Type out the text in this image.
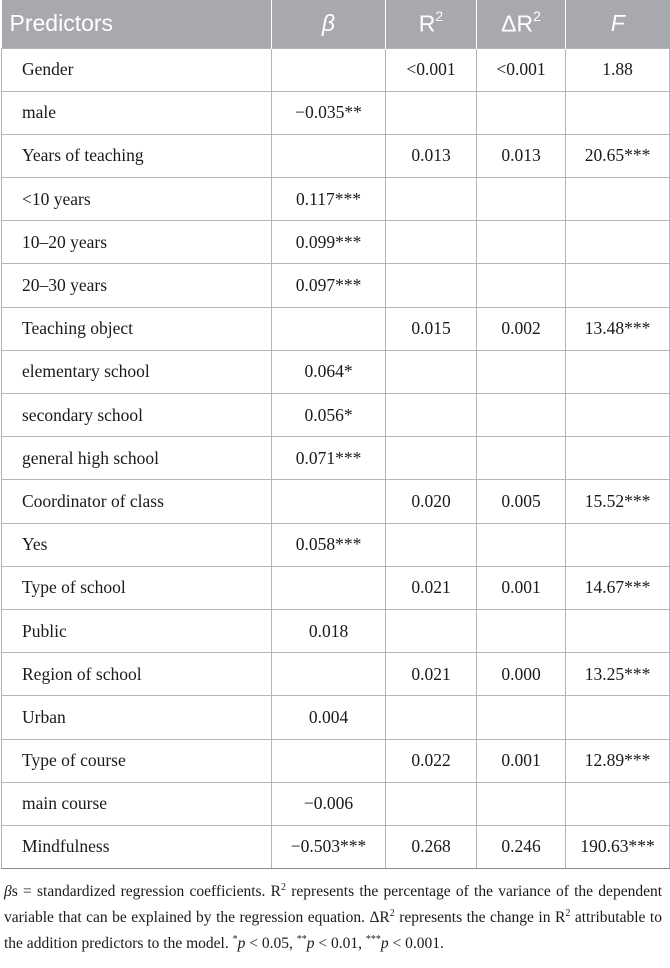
Predictors	β	$R^2$	$\Delta R^2$	F
Gender		<0.001	<0.001	1.88
male	−0.035**			
Years of teaching		0.013	0.013	20.65***
<10 years	0.117***			
10–20 years	0.099***			
20–30 years	0.097***			
Teaching object		0.015	0.002	13.48***
elementary school	0.064*			
secondary school	0.056*			
general high school	0.071***			
Coordinator of class		0.020	0.005	15.52***
Yes	0.058***			
Type of school		0.021	0.001	14.67***
Public	0.018			
Region of school		0.021	0.000	13.25***
Urban	0.004			
Type of course		0.022	0.001	12.89***
main course	−0.006			
Mindfulness	−0.503***	0.268	0.246	190.63***

βs = standardized regression coefficients. $R^2$ represents the percentage of the variance of the dependent variable that can be explained by the regression equation. $\Delta R^2$ represents the change in $R^2$ attributable to the addition predictors to the model. *p < 0.05, **p < 0.01, ***p < 0.001.
